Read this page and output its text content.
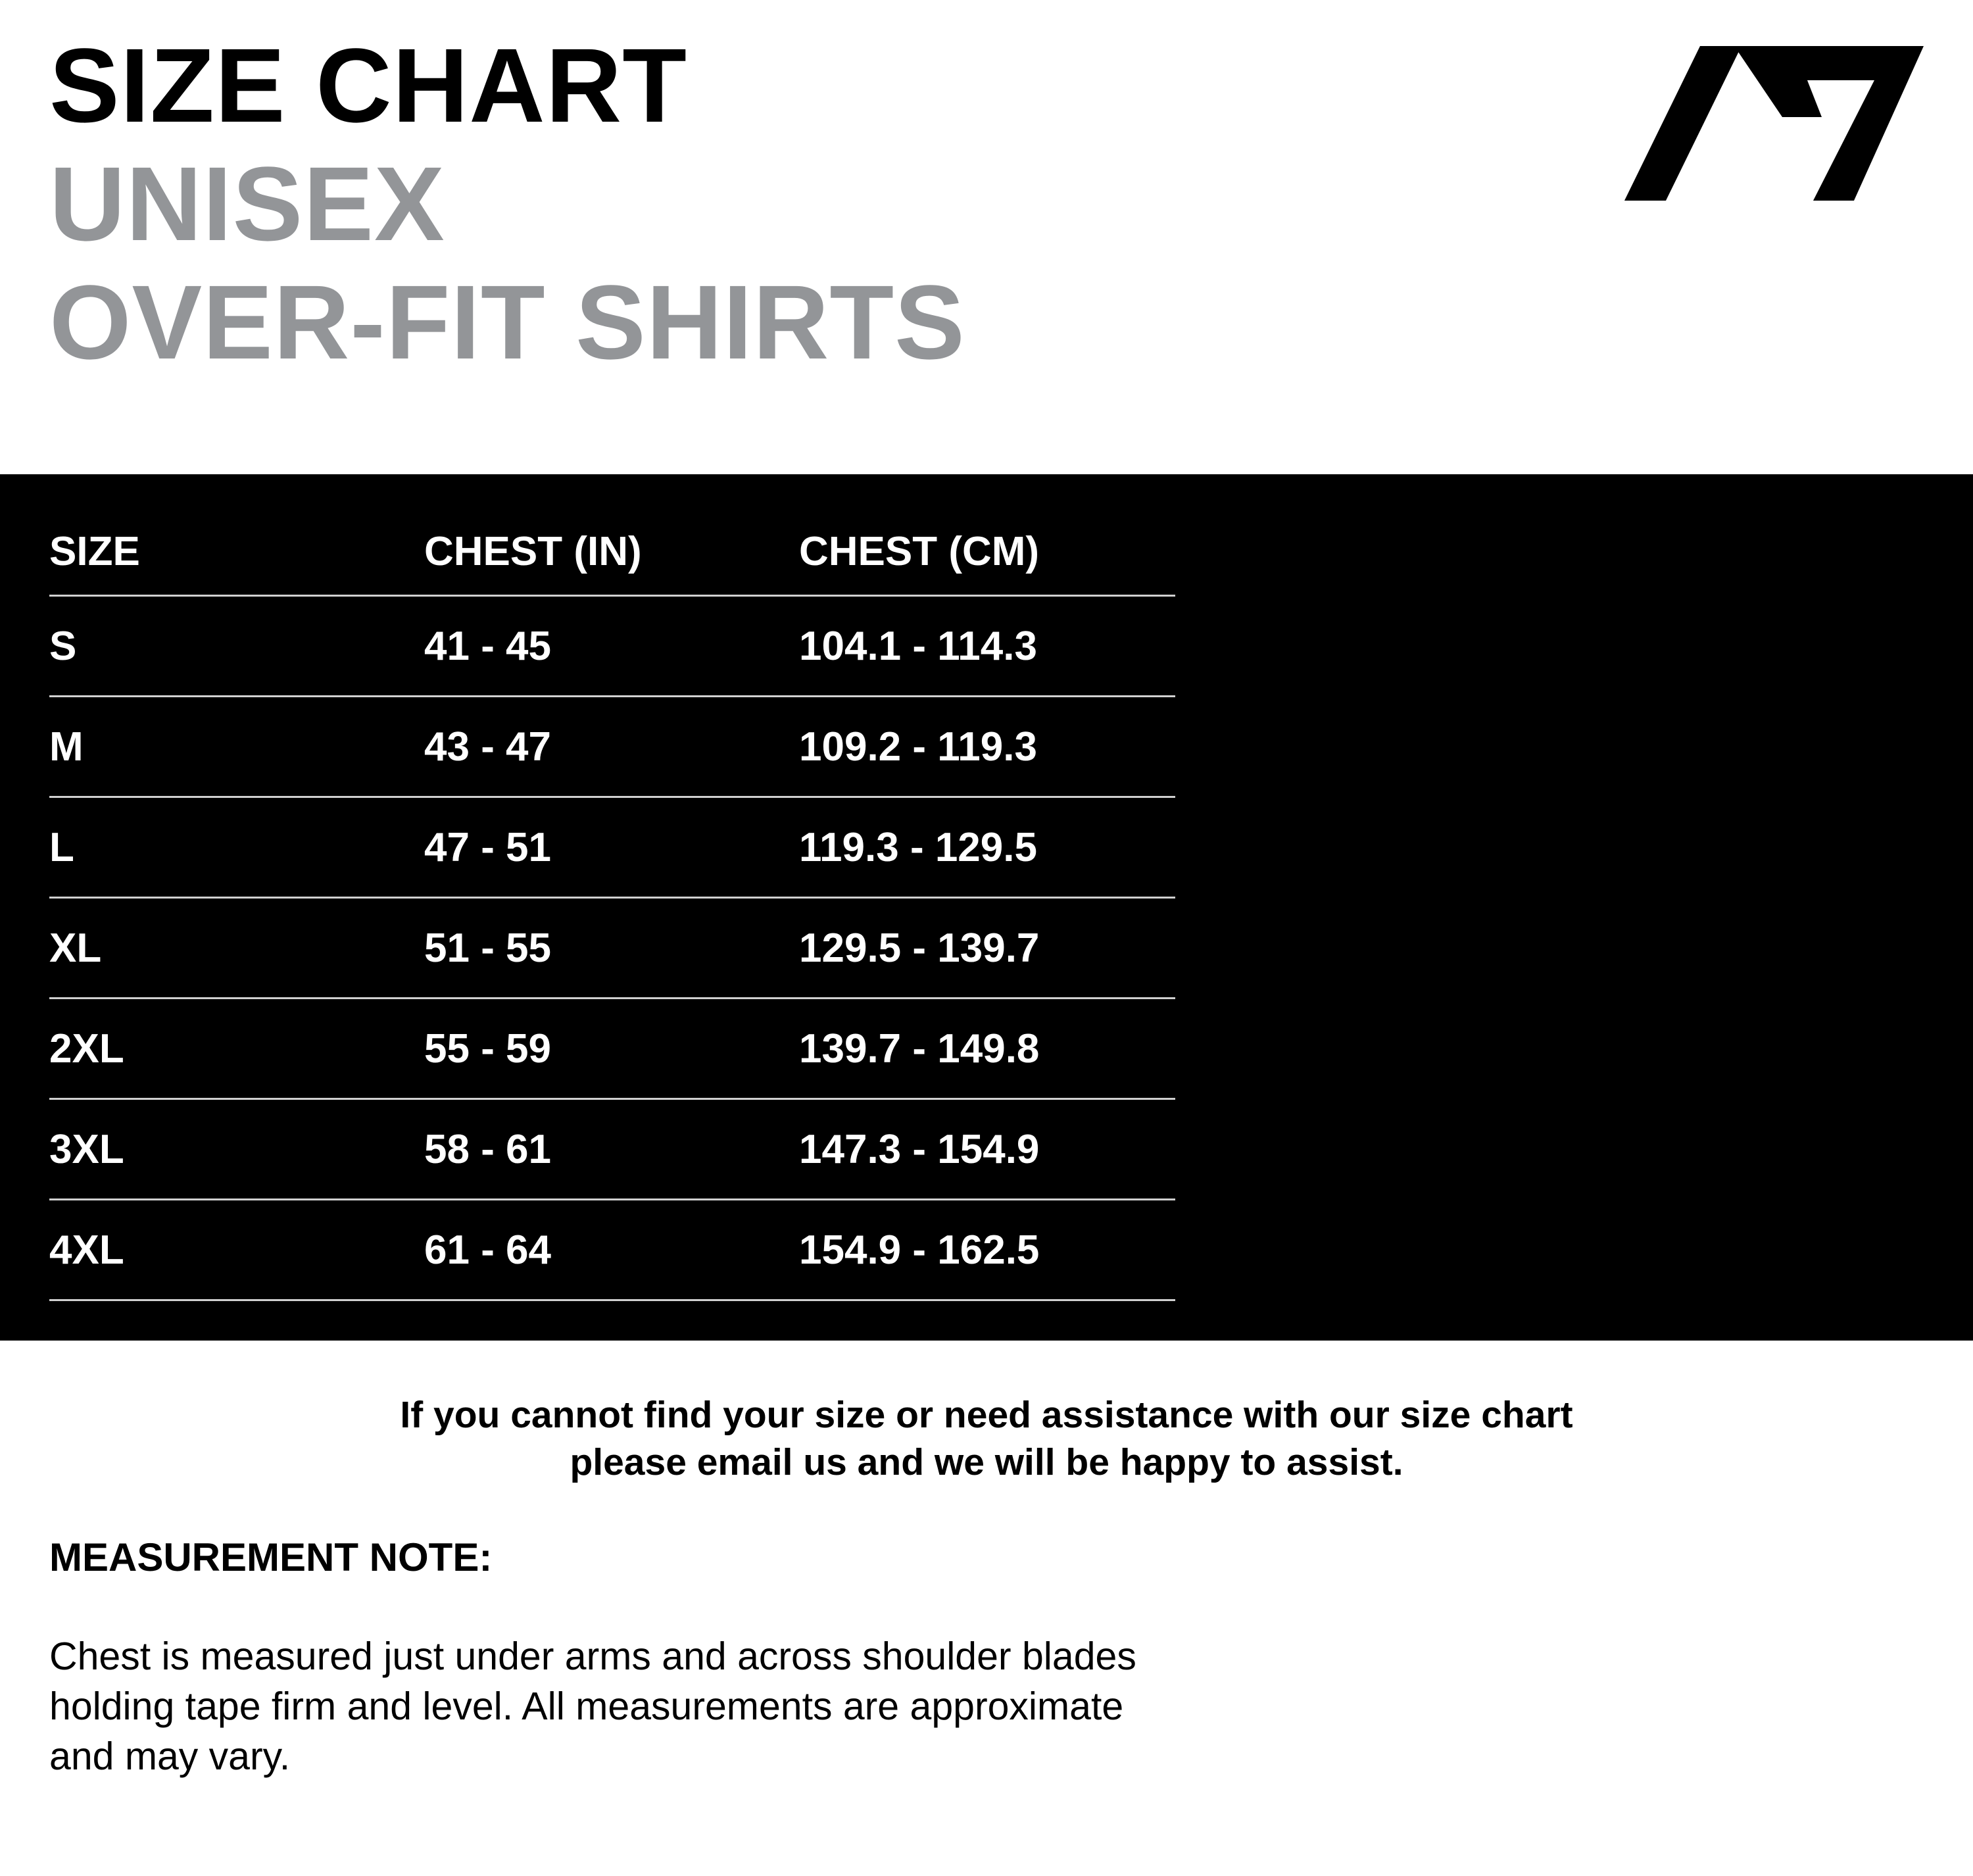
SIZE CHART
UNISEX
OVER-FIT SHIRTS
SIZE	CHEST (IN)	CHEST (CM)
S	41 - 45	104.1 - 114.3
M	43 - 47	109.2 - 119.3
L	47 - 51	119.3 - 129.5
XL	51 - 55	129.5 - 139.7
2XL	55 - 59	139.7 - 149.8
3XL	58 - 61	147.3 - 154.9
4XL	61 - 64	154.9 - 162.5
If you cannot find your size or need assistance with our size chart
please email us and we will be happy to assist.
MEASUREMENT NOTE:
Chest is measured just under arms and across shoulder blades
holding tape firm and level. All measurements are approximate
and may vary.
